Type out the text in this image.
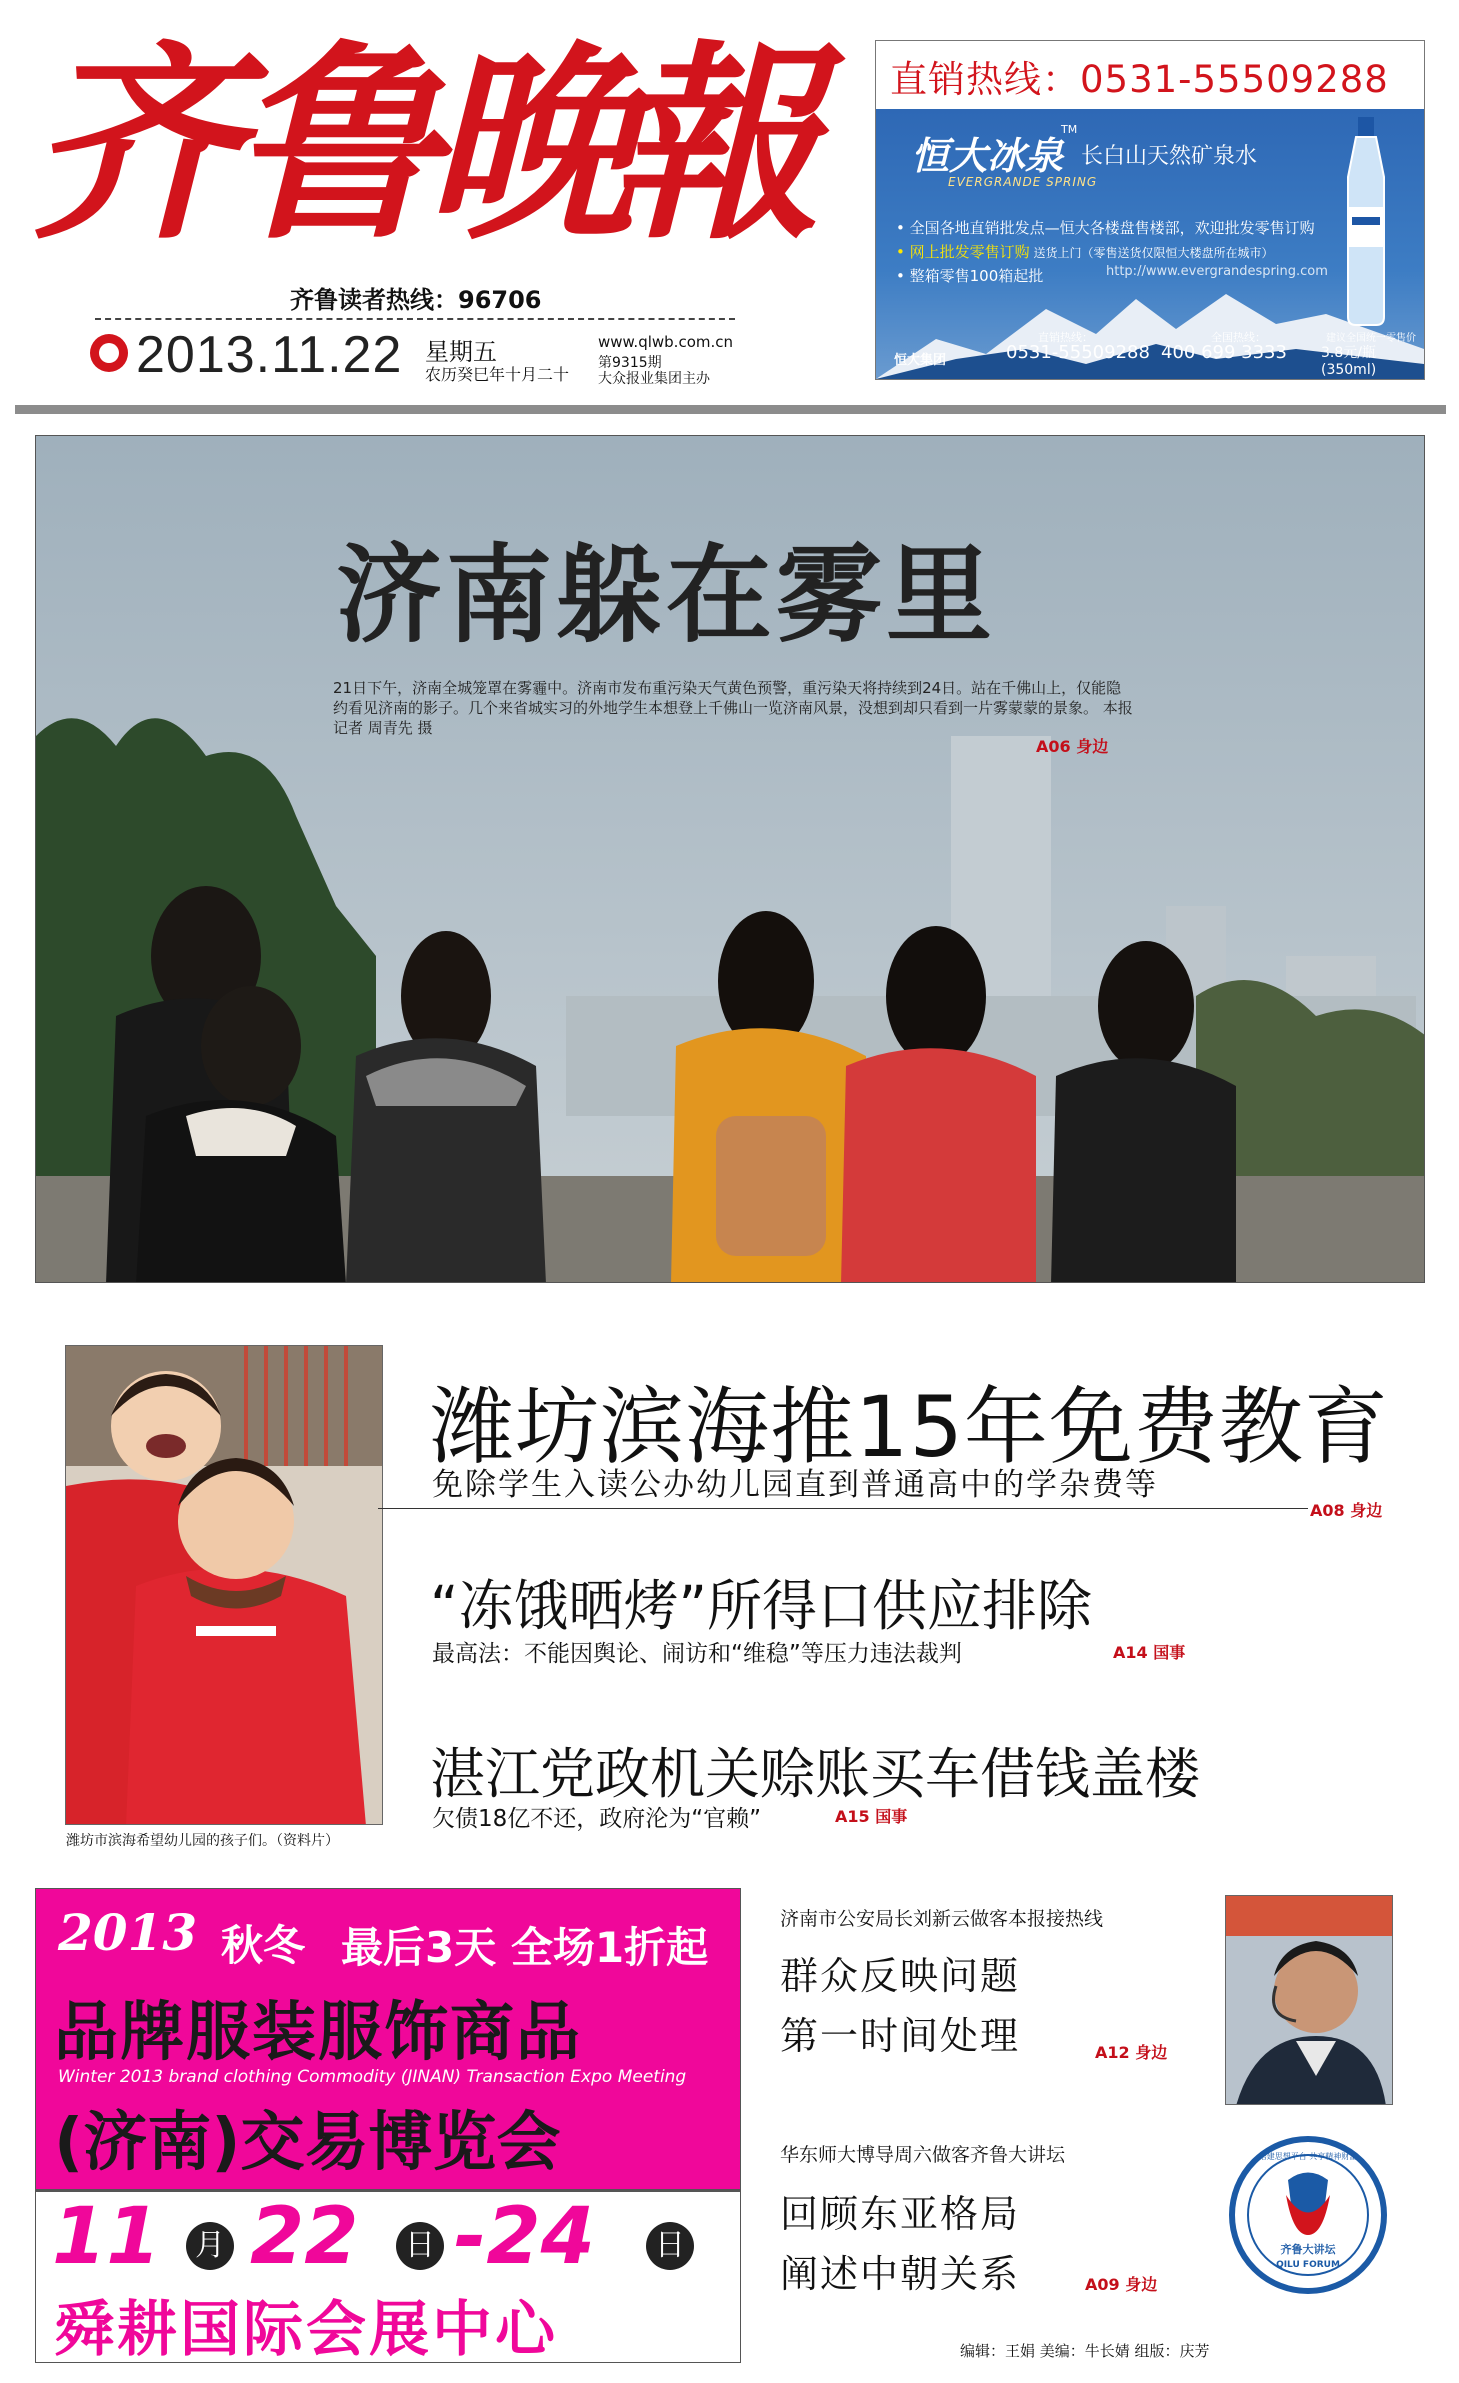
齐
鲁
晚
報
齐鲁读者热线：96706
2013.11.22 星期五
农历癸巳年十月二十
www.qlwb.com.cn
第9315期
大众报业集团主办
直销热线：0531-55509288
恒大冰泉
TM
长白山天然矿泉水
EVERGRANDE SPRING
• 全国各地直销批发点—恒大各楼盘售楼部，欢迎批发零售订购
• 网上批发零售订购 送货上门（零售送货仅限恒大楼盘所在城市）
• 整箱零售100箱起批	http://www.evergrandespring.com
恒大集团
直销热线：
0531-55509288
全国热线：
400 699 3333
建议全国统一零售价
3.8元/瓶(350ml)
济南躲在雾里
21日下午，济南全城笼罩在雾霾中。济南市发布重污染天气黄色预警，重污染天将持续到24日。站在千佛山上，仅能隐约看见济南的影子。几个来省城实习的外地学生本想登上千佛山一览济南风景，没想到却只看到一片雾蒙蒙的景象。 本报记者 周青先 摄
A06 身边
潍坊市滨海希望幼儿园的孩子们。（资料片）
潍坊滨海推15年免费教育
免除学生入读公办幼儿园直到普通高中的学杂费等
A08 身边
“冻饿晒烤”所得口供应排除
最高法：不能因舆论、闹访和“维稳”等压力违法裁判	A14 国事
湛江党政机关赊账买车借钱盖楼
欠债18亿不还，政府沦为“官赖”	A15 国事
2013 秋冬 最后3天 全场1折起
品牌服装服饰商品
Winter 2013 brand clothing Commodity (JINAN) Transaction Expo Meeting
(济南)交易博览会
11	月 22	日 -24	日
舜耕国际会展中心
济南市公安局长刘新云做客本报接热线
群众反映问题
第一时间处理	A12 身边
华东师大博导周六做客齐鲁大讲坛
回顾东亚格局
阐述中朝关系	A09 身边
搭建思想平台 共享精神财富
齐鲁大讲坛
QILU FORUM
编辑：王娟 美编：牛长婧 组版：庆芳
